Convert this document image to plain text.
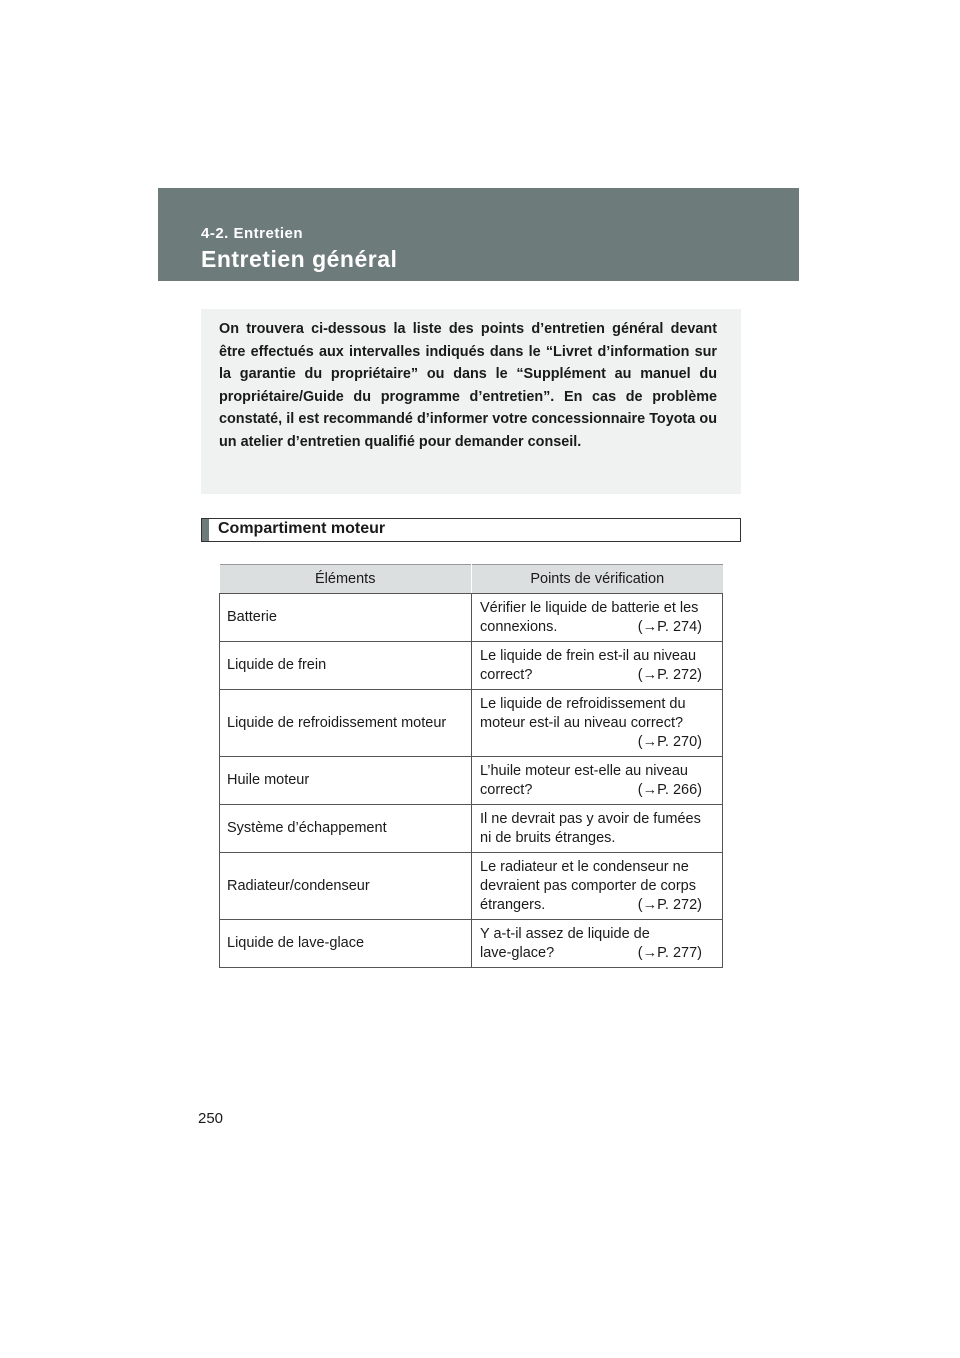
4-2. Entretien
Entretien général

On trouvera ci-dessous la liste des points d’entretien général devant être effectués aux intervalles indiqués dans le “Livret d’information sur la garantie du propriétaire” ou dans le “Supplément au manuel du propriétaire/Guide du programme d’entretien”. En cas de problème constaté, il est recommandé d’informer votre concessionnaire Toyota ou un atelier d’entretien qualifié pour demander conseil.

Compartiment moteur
Éléments	Points de vérification
Batterie	Vérifier le liquide de batterie et les
connexions. (→P. 274)

Liquide de frein	Le liquide de frein est-il au niveau
correct? (→P. 272)

Liquide de refroidissement moteur	Le liquide de refroidissement du
moteur est-il au niveau correct?
(→P. 270)

Huile moteur	L’huile moteur est-elle au niveau
correct? (→P. 266)

Système d’échappement	Il ne devrait pas y avoir de fumées
ni de bruits étranges.

Radiateur/condenseur	Le radiateur et le condenseur ne
devraient pas comporter de corps
étrangers. (→P. 272)

Liquide de lave-glace	Y a-t-il assez de liquide de
lave-glace? (→P. 277)
250
